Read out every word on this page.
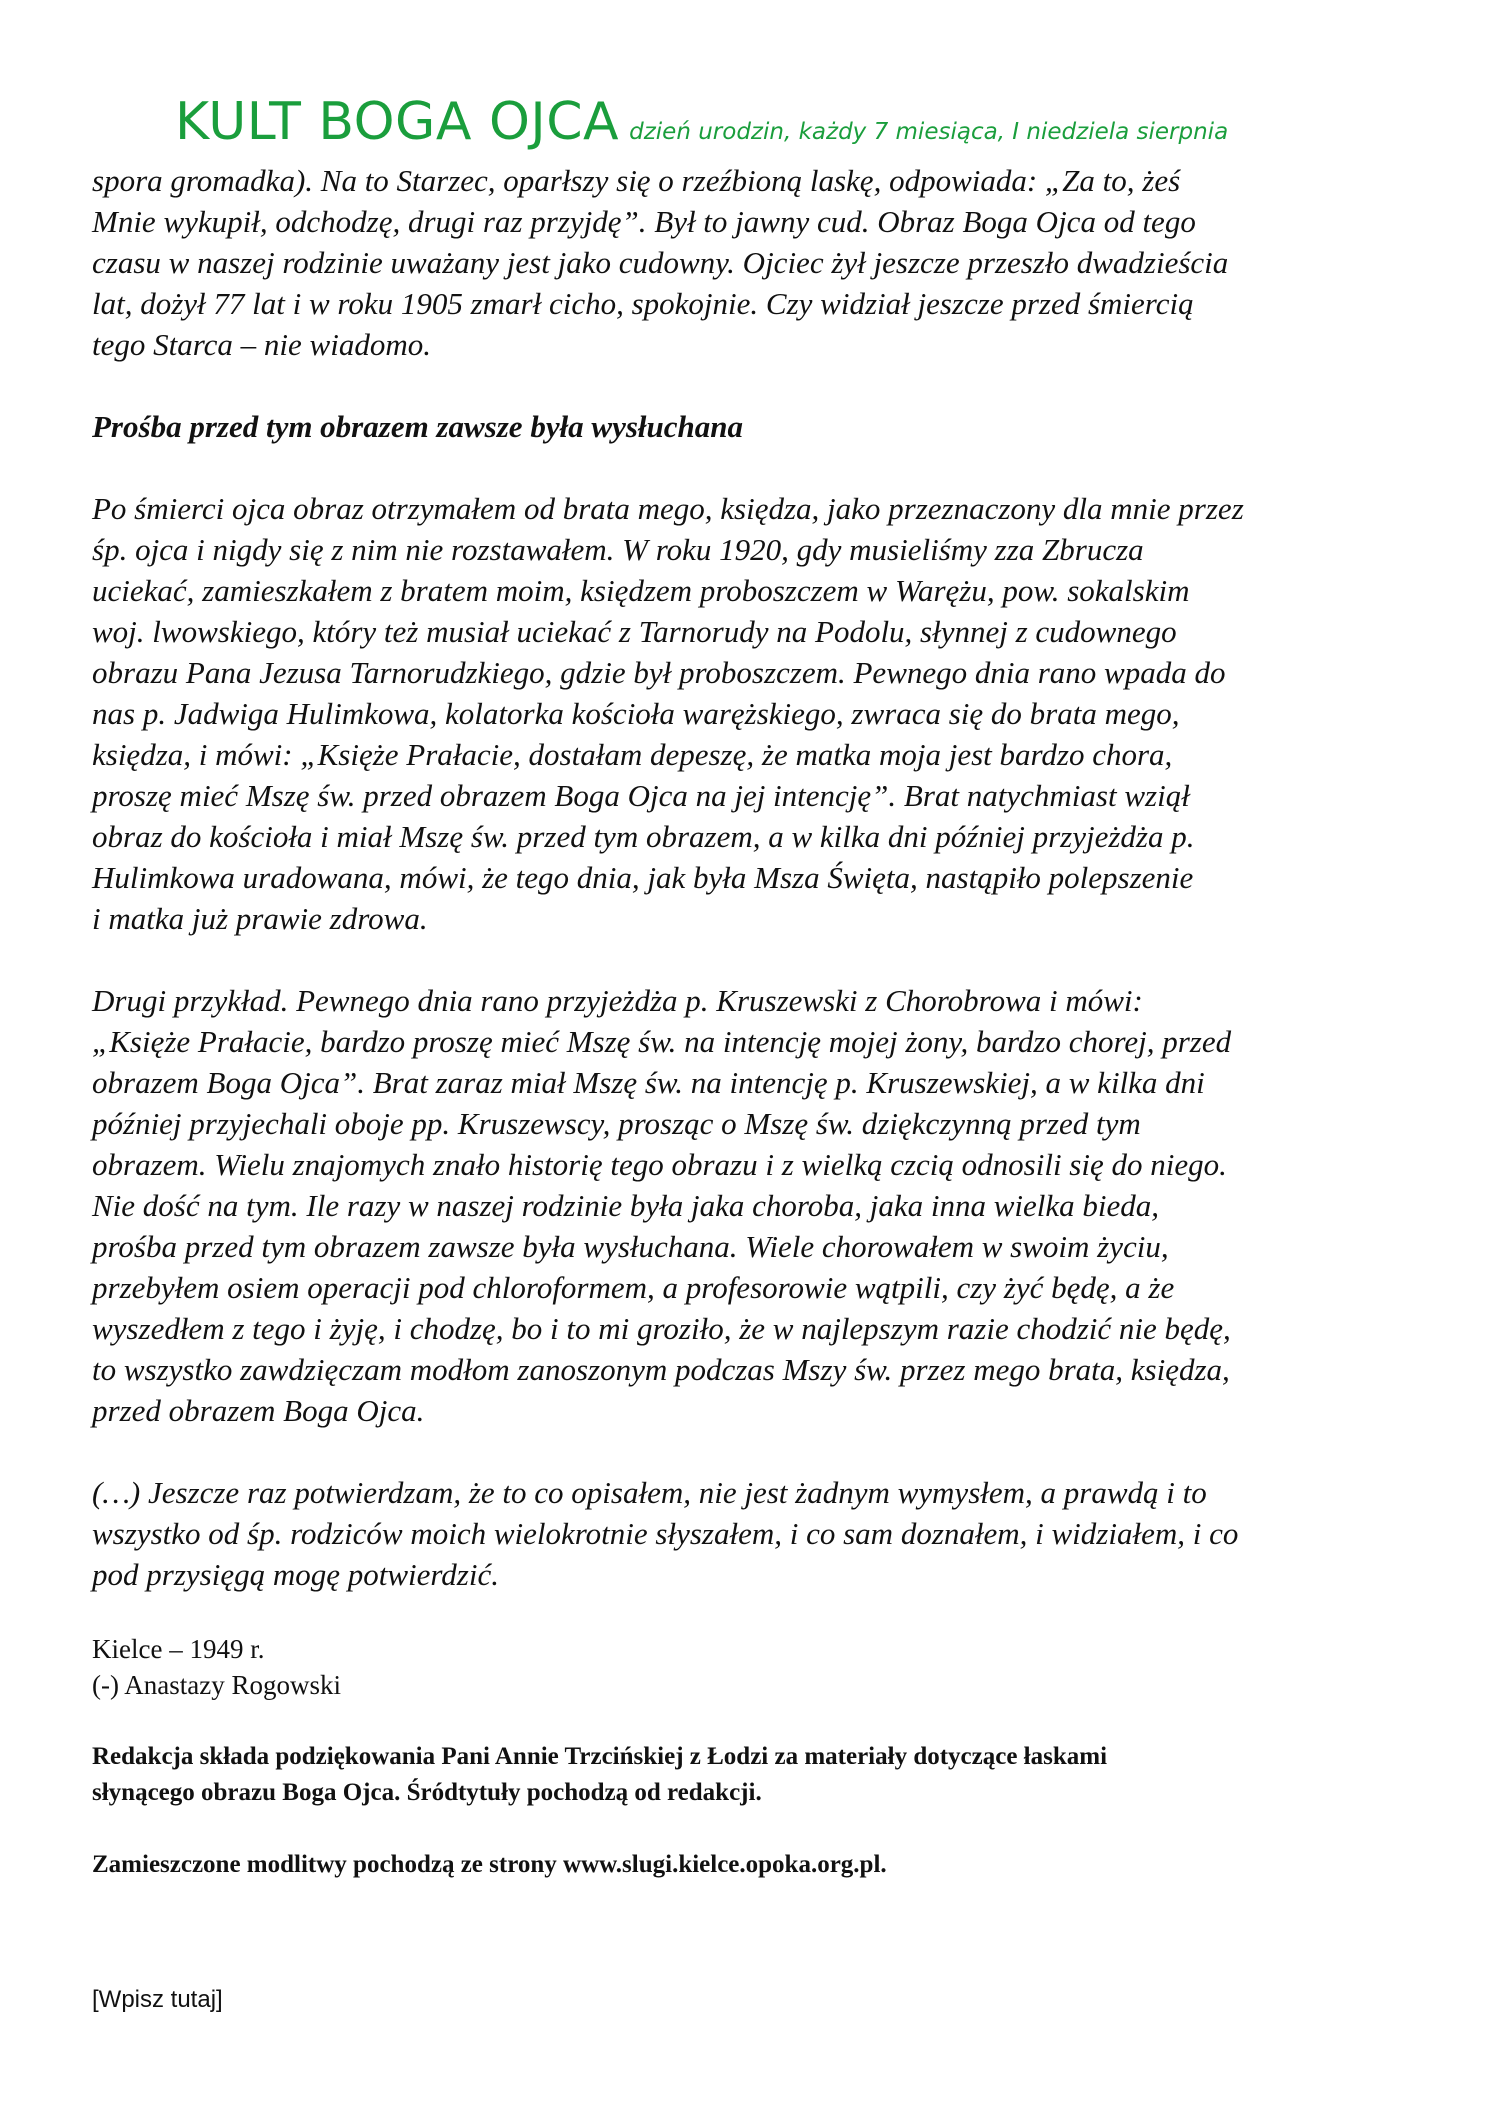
KULT BOGA OJCA dzień urodzin, każdy 7 miesiąca, I niedziela sierpnia

spora gromadka). Na to Starzec, oparłszy się o rzeźbioną laskę, odpowiada: „Za to, żeś
Mnie wykupił, odchodzę, drugi raz przyjdę”. Był to jawny cud. Obraz Boga Ojca od tego
czasu w naszej rodzinie uważany jest jako cudowny. Ojciec żył jeszcze przeszło dwadzieścia
lat, dożył 77 lat i w roku 1905 zmarł cicho, spokojnie. Czy widział jeszcze przed śmiercią
tego Starca – nie wiadomo.

Prośba przed tym obrazem zawsze była wysłuchana

Po śmierci ojca obraz otrzymałem od brata mego, księdza, jako przeznaczony dla mnie przez
śp. ojca i nigdy się z nim nie rozstawałem. W roku 1920, gdy musieliśmy zza Zbrucza
uciekać, zamieszkałem z bratem moim, księdzem proboszczem w Warężu, pow. sokalskim
woj. lwowskiego, który też musiał uciekać z Tarnorudy na Podolu, słynnej z cudownego
obrazu Pana Jezusa Tarnorudzkiego, gdzie był proboszczem. Pewnego dnia rano wpada do
nas p. Jadwiga Hulimkowa, kolatorka kościoła warężskiego, zwraca się do brata mego,
księdza, i mówi: „Księże Prałacie, dostałam depeszę, że matka moja jest bardzo chora,
proszę mieć Mszę św. przed obrazem Boga Ojca na jej intencję”. Brat natychmiast wziął
obraz do kościoła i miał Mszę św. przed tym obrazem, a w kilka dni później przyjeżdża p.
Hulimkowa uradowana, mówi, że tego dnia, jak była Msza Święta, nastąpiło polepszenie
i matka już prawie zdrowa.

Drugi przykład. Pewnego dnia rano przyjeżdża p. Kruszewski z Chorobrowa i mówi:
„Księże Prałacie, bardzo proszę mieć Mszę św. na intencję mojej żony, bardzo chorej, przed
obrazem Boga Ojca”. Brat zaraz miał Mszę św. na intencję p. Kruszewskiej, a w kilka dni
później przyjechali oboje pp. Kruszewscy, prosząc o Mszę św. dziękczynną przed tym
obrazem. Wielu znajomych znało historię tego obrazu i z wielką czcią odnosili się do niego.
Nie dość na tym. Ile razy w naszej rodzinie była jaka choroba, jaka inna wielka bieda,
prośba przed tym obrazem zawsze była wysłuchana. Wiele chorowałem w swoim życiu,
przebyłem osiem operacji pod chloroformem, a profesorowie wątpili, czy żyć będę, a że
wyszedłem z tego i żyję, i chodzę, bo i to mi groziło, że w najlepszym razie chodzić nie będę,
to wszystko zawdzięczam modłom zanoszonym podczas Mszy św. przez mego brata, księdza,
przed obrazem Boga Ojca.

(…) Jeszcze raz potwierdzam, że to co opisałem, nie jest żadnym wymysłem, a prawdą i to
wszystko od śp. rodziców moich wielokrotnie słyszałem, i co sam doznałem, i widziałem, i co
pod przysięgą mogę potwierdzić.

Kielce – 1949 r.
(-) Anastazy Rogowski

Redakcja składa podziękowania Pani Annie Trzcińskiej z Łodzi za materiały dotyczące łaskami
słynącego obrazu Boga Ojca. Śródtytuły pochodzą od redakcji.

Zamieszczone modlitwy pochodzą ze strony www.slugi.kielce.opoka.org.pl.

[Wpisz tutaj]
